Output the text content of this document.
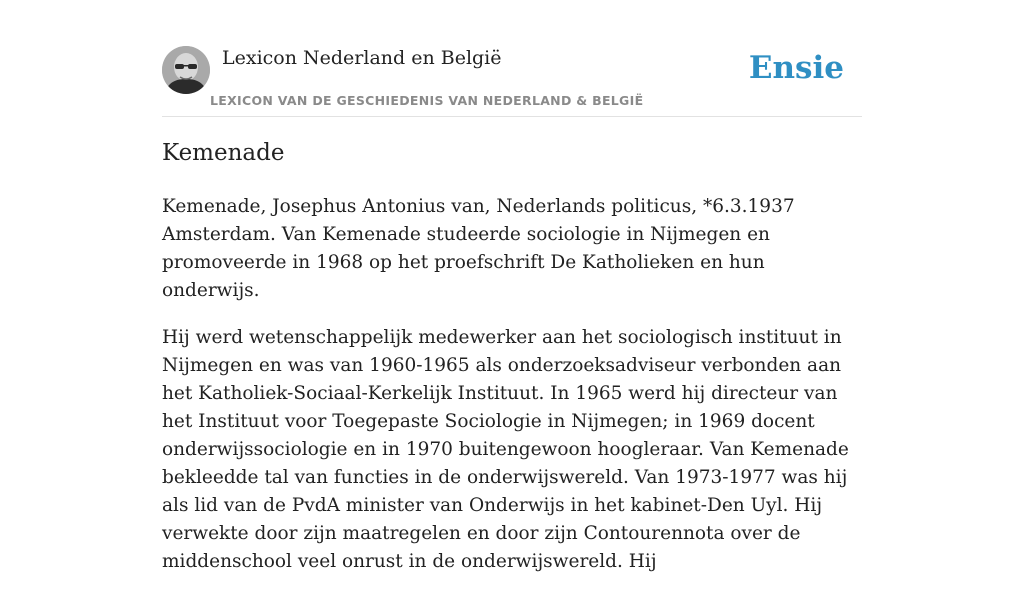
Lexicon Nederland en België
LEXICON VAN DE GESCHIEDENIS VAN NEDERLAND & BELGIË
Ensie
Kemenade

Kemenade, Josephus Antonius van, Nederlands politicus, *6.3.1937 Amsterdam. Van Kemenade studeerde sociologie in Nijmegen en promoveerde in 1968 op het proefschrift De Katholieken en hun onderwijs.

Hij werd wetenschappelijk medewerker aan het sociologisch instituut in Nijmegen en was van 1960-1965 als onderzoeksadviseur verbonden aan het Katholiek-Sociaal-Kerkelijk Instituut. In 1965 werd hij directeur van het Instituut voor Toegepaste Sociologie in Nijmegen; in 1969 docent onderwijssociologie en in 1970 buitengewoon hoogleraar. Van Kemenade bekleedde tal van functies in de onderwijswereld. Van 1973-1977 was hij als lid van de PvdA minister van Onderwijs in het kabinet-Den Uyl. Hij verwekte door zijn maatregelen en door zijn Contourennota over de middenschool veel onrust in de onderwijswereld. Hij
